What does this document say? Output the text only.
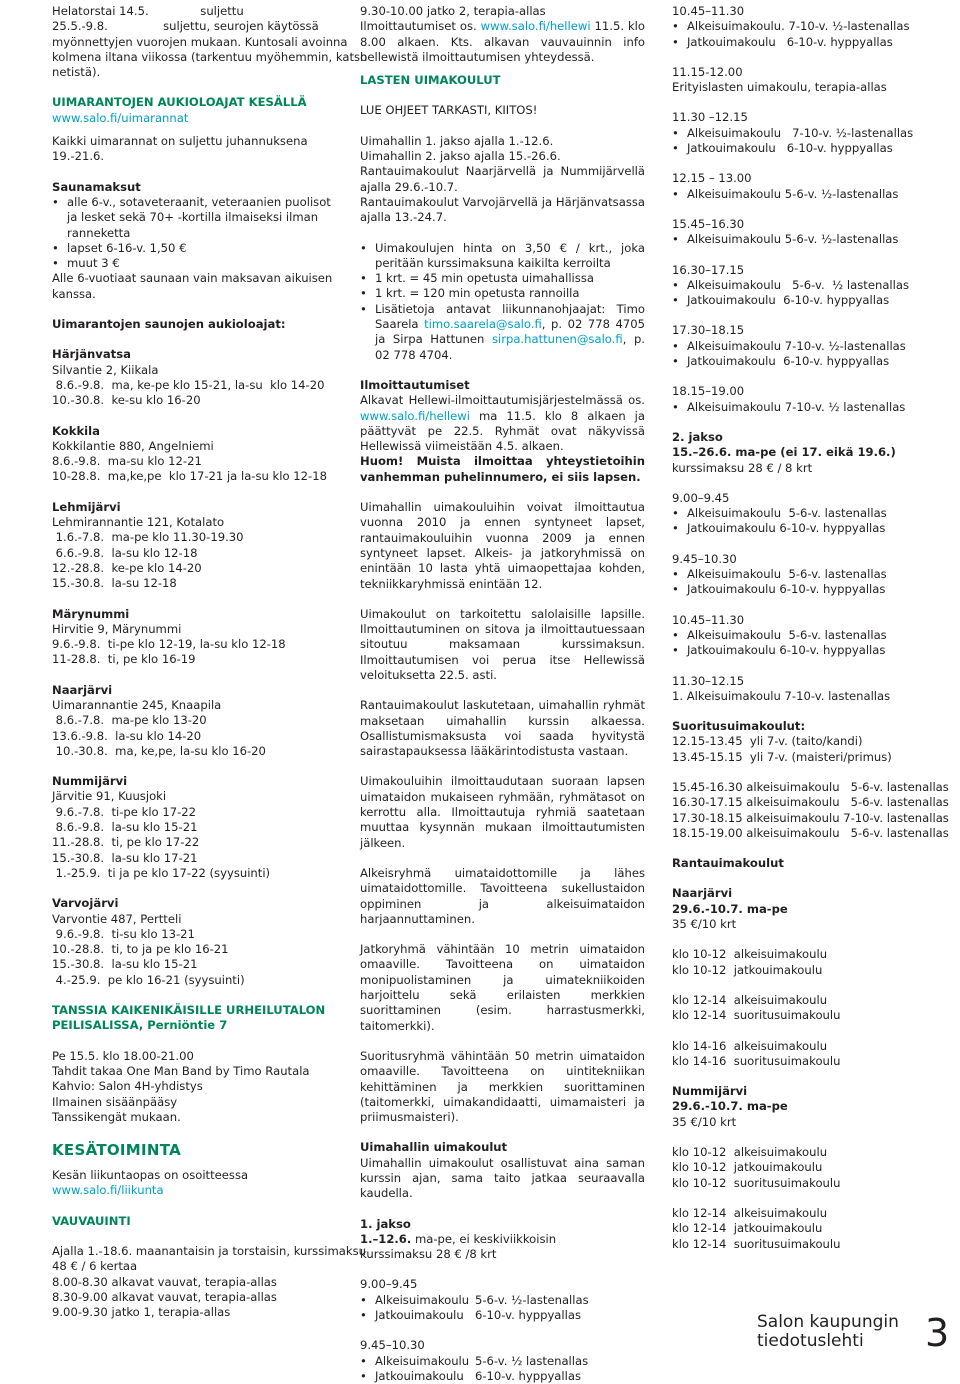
Helatorstai 14.5.              suljettu
25.5.-9.8.               suljettu, seurojen käytössä
myönnettyjen vuorojen mukaan. Kuntosali avoinna
kolmena iltana viikossa (tarkentuu myöhemmin, katso
netistä).
UIMARANTOJEN AUKIOLOAJAT KESÄLLÄ
www.salo.fi/uimarannat
Kaikki uimarannat on suljettu juhannuksena 19.-21.6.
Saunamaksut
• alle 6-v., sotaveteraanit, veteraanien puolisot ja lesket sekä 70+ -kortilla ilmaiseksi ilman ranneketta
• lapset 6-16-v. 1,50 €
• muut 3 €
Alle 6-vuotiaat saunaan vain maksavan aikuisen kanssa.
Uimarantojen saunojen aukioloajat:
Härjänvatsa
Silvantie 2, Kiikala
8.6.-9.8.  ma, ke-pe klo 15-21, la-su  klo 14-20
10.-30.8.  ke-su klo 16-20
Kokkila
Kokkilantie 880, Angelniemi
8.6.-9.8.  ma-su klo 12-21
10-28.8.  ma,ke,pe  klo 17-21 ja la-su klo 12-18
Lehmijärvi
Lehmirannantie 121, Kotalato
1.6.-7.8.  ma-pe klo 11.30-19.30
6.6.-9.8.  la-su klo 12-18
12.-28.8.  ke-pe klo 14-20
15.-30.8.  la-su 12-18
Märynummi
Hirvitie 9, Märynummi
9.6.-9.8.  ti-pe klo 12-19, la-su klo 12-18
11-28.8.  ti, pe klo 16-19
Naarjärvi
Uimarannantie 245, Knaapila
8.6.-7.8.  ma-pe klo 13-20
13.6.-9.8.  la-su klo 14-20
10.-30.8.  ma, ke,pe, la-su klo 16-20
Nummijärvi
Järvitie 91, Kuusjoki
9.6.-7.8.  ti-pe klo 17-22
8.6.-9.8.  la-su klo 15-21
11.-28.8.  ti, pe klo 17-22
15.-30.8.  la-su klo 17-21
1.-25.9.  ti ja pe klo 17-22 (syysuinti)
Varvojärvi
Varvontie 487, Pertteli
9.6.-9.8.  ti-su klo 13-21
10.-28.8.  ti, to ja pe klo 16-21
15.-30.8.  la-su klo 15-21
4.-25.9.  pe klo 16-21 (syysuinti)
TANSSIA KAIKENIKÄISILLE URHEILUTALON PEILISALISSA, Perniöntie 7
Pe 15.5. klo 18.00-21.00
Tahdit takaa One Man Band by Timo Rautala
Kahvio: Salon 4H-yhdistys
Ilmainen sisäänpääsy
Tanssikengät mukaan.
KESÄTOIMINTA
Kesän liikuntaopas on osoitteessa www.salo.fi/liikunta
VAUVAUINTI
Ajalla 1.-18.6. maanantaisin ja torstaisin, kurssimaksu
48 € / 6 kertaa
8.00-8.30 alkavat vauvat, terapia-allas
8.30-9.00 alkavat vauvat, terapia-allas
9.00-9.30 jatko 1, terapia-allas
9.30-10.00 jatko 2, terapia-allas

Ilmoittautumiset os. www.salo.fi/hellewi 11.5. klo 8.00 alkaen. Kts. alkavan vauvauinnin info hellewistä ilmoittautumisen yhteydessä.

LASTEN UIMAKOULUT
LUE OHJEET TARKASTI, KIITOS!
Uimahallin 1. jakso ajalla 1.-12.6.
Uimahallin 2. jakso ajalla 15.-26.6.

Rantauimakoulut Naarjärvellä ja Nummijärvellä ajalla 29.6.-10.7.

Rantauimakoulut Varvojärvellä ja Härjänvatsassa ajalla 13.-24.7.

• Uimakoulujen hinta on 3,50 € / krt., joka peritään kurssimaksuna kaikilta kerroilta
• 1 krt. = 45 min opetusta uimahallissa
• 1 krt. = 120 min opetusta rannoilla
• Lisätietoja antavat liikunnanohjaajat: Timo Saarela timo.saarela@salo.fi, p. 02 778 4705 ja Sirpa Hattunen sirpa.hattunen@salo.fi, p. 02 778 4704.
Ilmoittautumiset

Alkavat Hellewi-ilmoittautumisjärjestelmässä os. www.salo.fi/hellewi ma 11.5. klo 8 alkaen ja päättyvät pe 22.5. Ryhmät ovat näkyvissä Hellewissä viimeistään 4.5. alkaen.

Huom! Muista ilmoittaa yhteystietoihin vanhemman puhelinnumero, ei siis lapsen.

Uimahallin uimakouluihin voivat ilmoittautua vuonna 2010 ja ennen syntyneet lapset, rantauimakouluihin vuonna 2009 ja ennen syntyneet lapset. Alkeis- ja jatkoryhmissä on enintään 10 lasta yhtä uimaopettajaa kohden, tekniikkaryhmissä enintään 12.

Uimakoulut on tarkoitettu salolaisille lapsille. Ilmoittautuminen on sitova ja ilmoittautuessaan sitoutuu maksamaan kurssimaksun. Ilmoittautumisen voi perua itse Hellewissä veloituksetta 22.5. asti.

Rantauimakoulut laskutetaan, uimahallin ryhmät maksetaan uimahallin kurssin alkaessa. Osallistumismaksusta voi saada hyvitystä sairastapauksessa lääkärintodistusta vastaan.

Uimakouluihin ilmoittaudutaan suoraan lapsen uimataidon mukaiseen ryhmään, ryhmätasot on kerrottu alla. Ilmoittautuja ryhmiä saatetaan muuttaa kysynnän mukaan ilmoittautumisten jälkeen.

Alkeisryhmä uimataidottomille ja lähes uimataidottomille. Tavoitteena sukellustaidon oppiminen ja alkeisuimataidon harjaannuttaminen.

Jatkoryhmä vähintään 10 metrin uimataidon omaaville. Tavoitteena on uimataidon monipuolistaminen ja uimatekniikoiden harjoittelu sekä erilaisten merkkien suorittaminen (esim. harrastusmerkki, taitomerkki).

Suoritusryhmä vähintään 50 metrin uimataidon omaaville. Tavoitteena on uintitekniikan kehittäminen ja merkkien suorittaminen (taitomerkki, uimakandidaatti, uimamaisteri ja priimusmaisteri).

Uimahallin uimakoulut

Uimahallin uimakoulut osallistuvat aina saman kurssin ajan, sama taito jatkaa seuraavalla kaudella.

1. jakso
1.–12.6. ma-pe, ei keskiviikkoisin
kurssimaksu 28 € /8 krt
9.00–9.45
• Alkeisuimakoulu 5-6-v. ½-lastenallas
• Jatkouimakoulu 6-10-v. hyppyallas
9.45–10.30
• Alkeisuimakoulu 5-6-v. ½ lastenallas
• Jatkouimakoulu 6-10-v. hyppyallas
10.45–11.30
• Alkeisuimakoulu. 7-10-v. ½-lastenallas
• Jatkouimakoulu   6-10-v. hyppyallas
11.15-12.00
Erityislasten uimakoulu, terapia-allas
11.30 –12.15
• Alkeisuimakoulu   7-10-v. ½-lastenallas
• Jatkouimakoulu   6-10-v. hyppyallas
12.15 – 13.00
• Alkeisuimakoulu 5-6-v. ½-lastenallas
15.45–16.30
• Alkeisuimakoulu 5-6-v. ½-lastenallas
16.30–17.15
• Alkeisuimakoulu   5-6-v.  ½ lastenallas
• Jatkouimakoulu  6-10-v. hyppyallas
17.30–18.15
• Alkeisuimakoulu 7-10-v. ½-lastenallas
• Jatkouimakoulu  6-10-v. hyppyallas
18.15–19.00
• Alkeisuimakoulu 7-10-v. ½ lastenallas
2. jakso
15.–26.6. ma-pe (ei 17. eikä 19.6.)
kurssimaksu 28 € / 8 krt
9.00–9.45
• Alkeisuimakoulu  5-6-v. lastenallas
• Jatkouimakoulu 6-10-v. hyppyallas
9.45–10.30
• Alkeisuimakoulu  5-6-v. lastenallas
• Jatkouimakoulu 6-10-v. hyppyallas
10.45–11.30
• Alkeisuimakoulu  5-6-v. lastenallas
• Jatkouimakoulu 6-10-v. hyppyallas
11.30–12.15
1. Alkeisuimakoulu 7-10-v. lastenallas
Suoritusuimakoulut:
12.15-13.45  yli 7-v. (taito/kandi)
13.45-15.15  yli 7-v. (maisteri/primus)
15.45-16.30 alkeisuimakoulu   5-6-v. lastenallas
16.30-17.15 alkeisuimakoulu   5-6-v. lastenallas
17.30-18.15 alkeisuimakoulu 7-10-v. lastenallas
18.15-19.00 alkeisuimakoulu   5-6-v. lastenallas
Rantauimakoulut
Naarjärvi
29.6.-10.7. ma-pe
35 €/10 krt
klo 10-12  alkeisuimakoulu
klo 10-12  jatkouimakoulu
klo 12-14  alkeisuimakoulu
klo 12-14  suoritusuimakoulu
klo 14-16  alkeisuimakoulu
klo 14-16  suoritusuimakoulu
Nummijärvi
29.6.-10.7. ma-pe
35 €/10 krt
klo 10-12  alkeisuimakoulu
klo 10-12  jatkouimakoulu
klo 10-12  suoritusuimakoulu
klo 12-14  alkeisuimakoulu
klo 12-14  jatkouimakoulu
klo 12-14  suoritusuimakoulu
Salon kaupungin
tiedotuslehti 3
